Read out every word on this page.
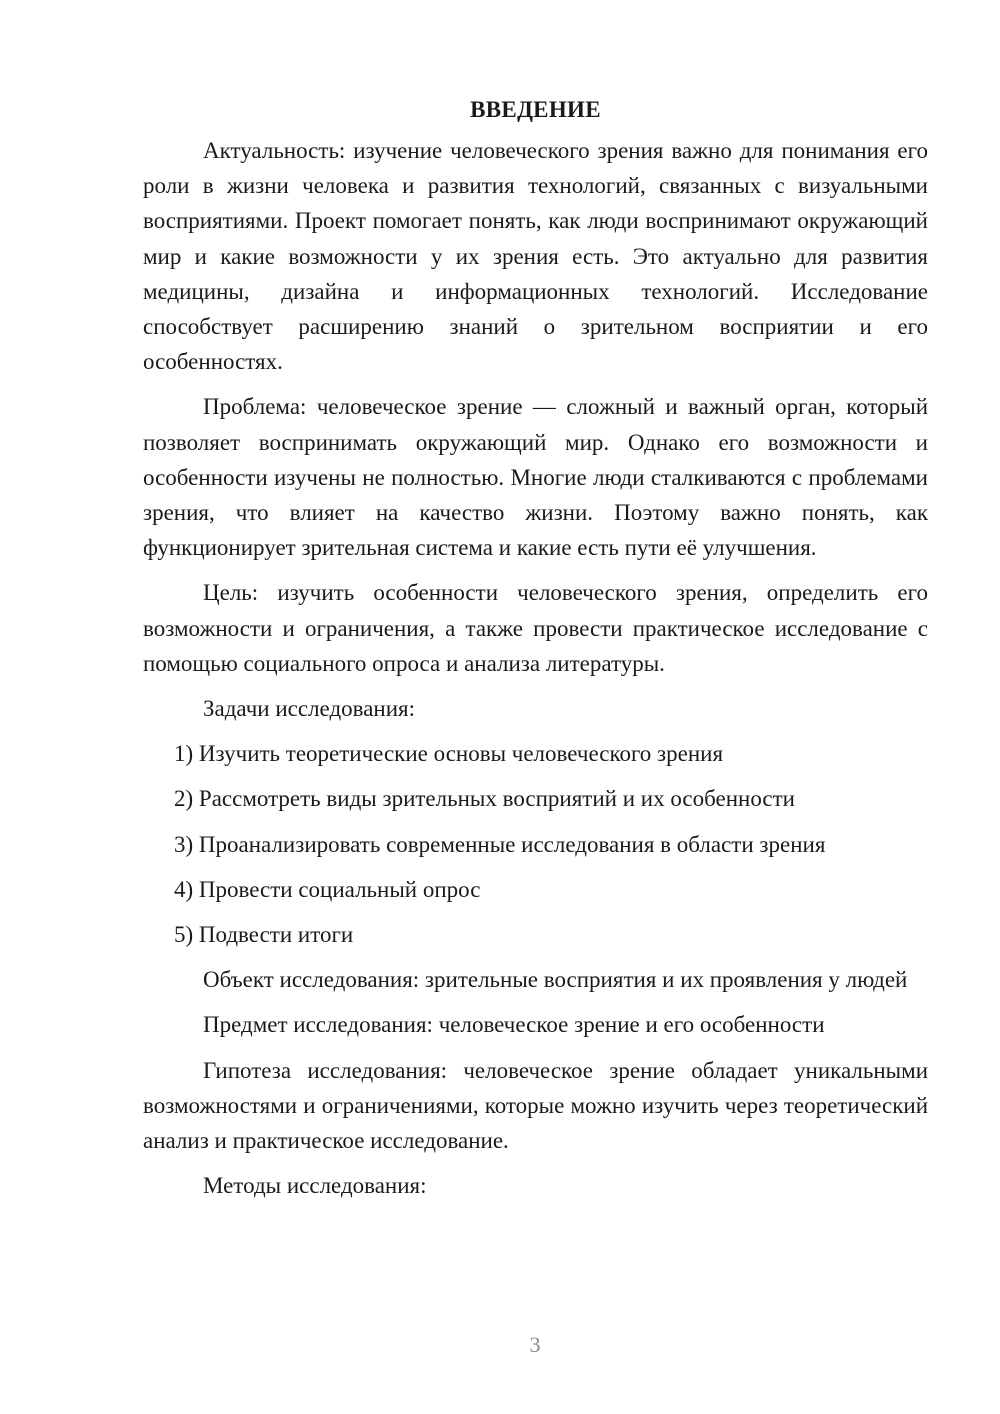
ВВЕДЕНИЕ

Актуальность: изучение человеческого зрения важно для понимания его роли в жизни человека и развития технологий, связанных с визуальными восприятиями. Проект помогает понять, как люди воспринимают окружающий мир и какие возможности у их зрения есть. Это актуально для развития медицины, дизайна и информационных технологий. Исследование способствует расширению знаний о зрительном восприятии и его особенностях.

Проблема: человеческое зрение — сложный и важный орган, который позволяет воспринимать окружающий мир. Однако его возможности и особенности изучены не полностью. Многие люди сталкиваются с проблемами зрения, что влияет на качество жизни. Поэтому важно понять, как функционирует зрительная система и какие есть пути её улучшения.

Цель: изучить особенности человеческого зрения, определить его возможности и ограничения, а также провести практическое исследование с помощью социального опроса и анализа литературы.

Задачи исследования:

1) Изучить теоретические основы человеческого зрения

2) Рассмотреть виды зрительных восприятий и их особенности

3) Проанализировать современные исследования в области зрения

4) Провести социальный опрос

5) Подвести итоги

Объект исследования: зрительные восприятия и их проявления у людей

Предмет исследования: человеческое зрение и его особенности

Гипотеза исследования: человеческое зрение обладает уникальными возможностями и ограничениями, которые можно изучить через теоретический анализ и практическое исследование.

Методы исследования:

3
